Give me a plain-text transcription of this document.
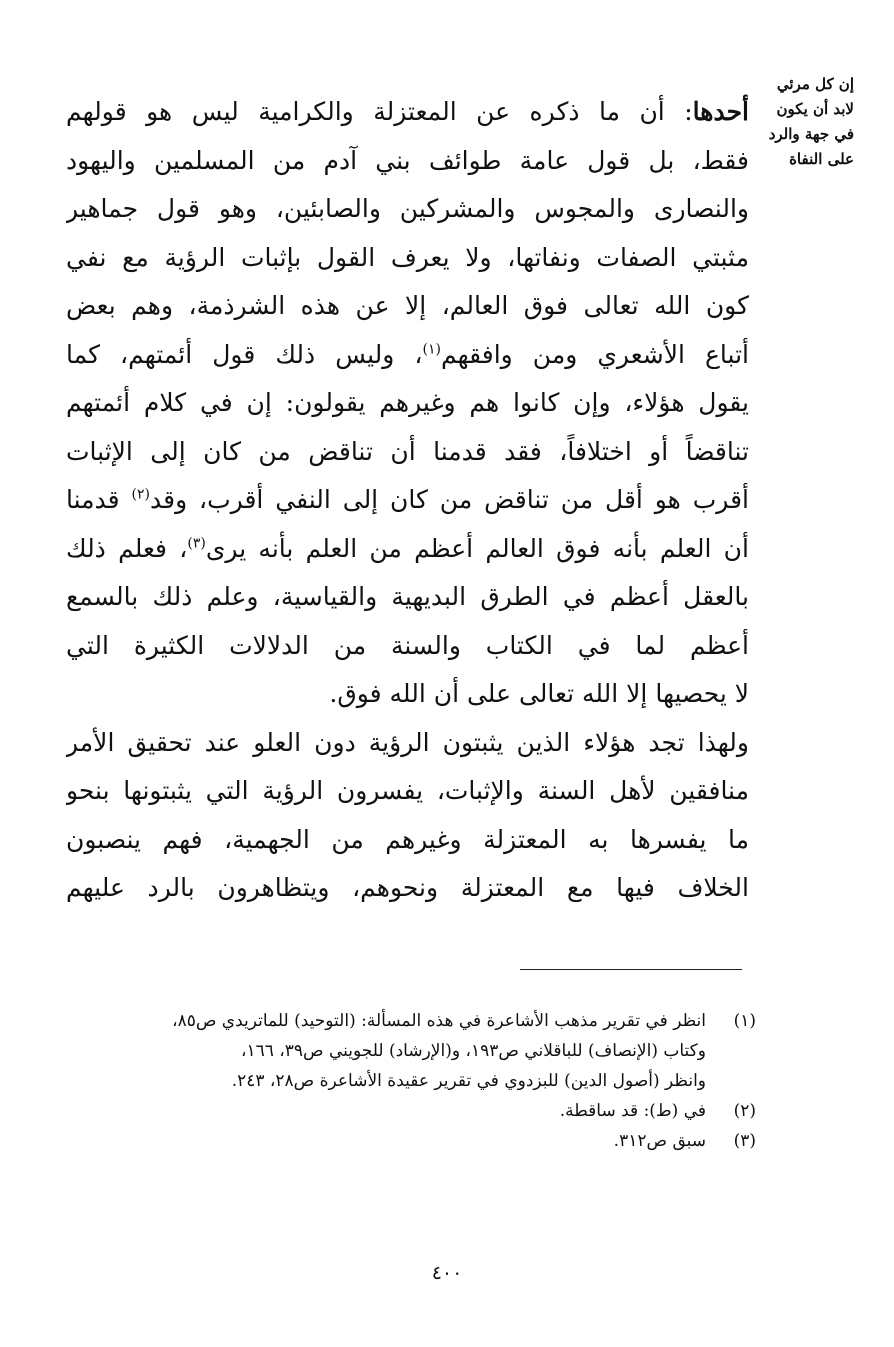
إن كل مرئي
لابد أن يكون
في جهة والرد
على النفاة
أحدها: أن ما ذكره عن المعتزلة والكرامية ليس هو قولهم
فقط، بل قول عامة طوائف بني آدم من المسلمين واليهود
والنصارى والمجوس والمشركين والصابئين، وهو قول جماهير
مثبتي الصفات ونفاتها، ولا يعرف القول بإثبات الرؤية مع نفي
كون الله تعالى فوق العالم، إلا عن هذه الشرذمة، وهم بعض
أتباع الأشعري ومن وافقهم$^{(١)}$، وليس ذلك قول أئمتهم، كما
يقول هؤلاء، وإن كانوا هم وغيرهم يقولون: إن في كلام أئمتهم
تناقضاً أو اختلافاً، فقد قدمنا أن تناقض من كان إلى الإثبات
أقرب هو أقل من تناقض من كان إلى النفي أقرب، وقد$^{(٢)}$ قدمنا
أن العلم بأنه فوق العالم أعظم من العلم بأنه يرى$^{(٣)}$، فعلم ذلك
بالعقل أعظم في الطرق البديهية والقياسية، وعلم ذلك بالسمع
أعظم لما في الكتاب والسنة من الدلالات الكثيرة التي
لا يحصيها إلا الله تعالى على أن الله فوق.
ولهذا تجد هؤلاء الذين يثبتون الرؤية دون العلو عند تحقيق الأمر
منافقين لأهل السنة والإثبات، يفسرون الرؤية التي يثبتونها بنحو
ما يفسرها به المعتزلة وغيرهم من الجهمية، فهم ينصبون
الخلاف فيها مع المعتزلة ونحوهم، ويتظاهرون بالرد عليهم
(١)
انظر في تقرير مذهب الأشاعرة في هذه المسألة: (التوحيد) للماتريدي ص٨٥،
وكتاب (الإنصاف) للباقلاني ص١٩٣، و(الإرشاد) للجويني ص٣٩، ١٦٦،
وانظر (أصول الدين) للبزدوي في تقرير عقيدة الأشاعرة ص٢٨، ٢٤٣.
(٢)
في (ط): قد ساقطة.
(٣)
سبق ص٣١٢.
٤٠٠
